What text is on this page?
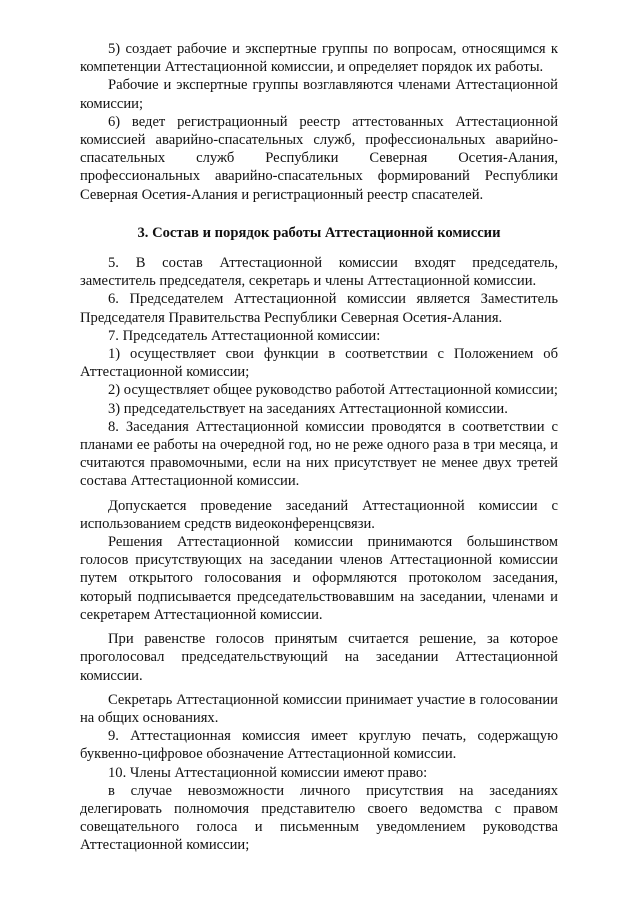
5) создает рабочие и экспертные группы по вопросам, относящимся к компетенции Аттестационной комиссии, и определяет порядок их работы.

Рабочие и экспертные группы возглавляются членами Аттестационной комиссии;

6) ведет регистрационный реестр аттестованных Аттестационной комиссией аварийно-спасательных служб, профессиональных аварийно-спасательных служб Республики Северная Осетия-Алания, профессиональных аварийно-спасательных формирований Республики Северная Осетия-Алания и регистрационный реестр спасателей.

3. Состав и порядок работы Аттестационной комиссии

5. В состав Аттестационной комиссии входят председатель, заместитель председателя, секретарь и члены Аттестационной комиссии.

6. Председателем Аттестационной комиссии является Заместитель Председателя Правительства Республики Северная Осетия-Алания.

7. Председатель Аттестационной комиссии:

1) осуществляет свои функции в соответствии с Положением об Аттестационной комиссии;

2) осуществляет общее руководство работой Аттестационной комиссии;

3) председательствует на заседаниях Аттестационной комиссии.

8. Заседания Аттестационной комиссии проводятся в соответствии с планами ее работы на очередной год, но не реже одного раза в три месяца, и считаются правомочными, если на них присутствует не менее двух третей состава Аттестационной комиссии.

Допускается проведение заседаний Аттестационной комиссии с использованием средств видеоконференцсвязи.

Решения Аттестационной комиссии принимаются большинством голосов присутствующих на заседании членов Аттестационной комиссии путем открытого голосования и оформляются протоколом заседания, который подписывается председательствовавшим на заседании, членами и секретарем Аттестационной комиссии.

При равенстве голосов принятым считается решение, за которое проголосовал председательствующий на заседании Аттестационной комиссии.

Секретарь Аттестационной комиссии принимает участие в голосовании на общих основаниях.

9. Аттестационная комиссия имеет круглую печать, содержащую буквенно-цифровое обозначение Аттестационной комиссии.

10. Члены Аттестационной комиссии имеют право:

в случае невозможности личного присутствия на заседаниях делегировать полномочия представителю своего ведомства с правом совещательного голоса и письменным уведомлением руководства Аттестационной комиссии;
